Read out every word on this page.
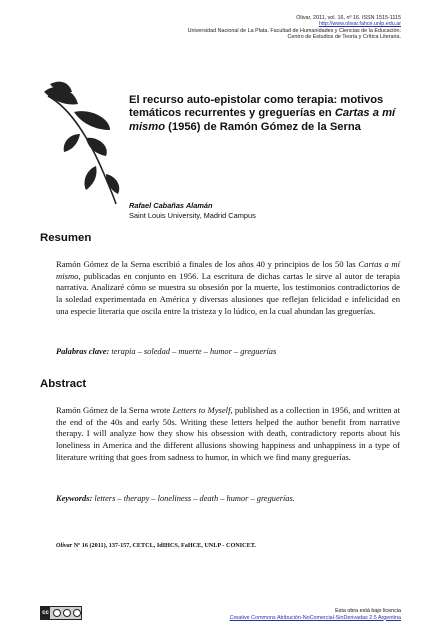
Olivar, 2011, vol. 16, nº 16. ISSN 1515-1115
http://www.olivar.fahce.unlp.edu.ar
Universidad Nacional de La Plata. Facultad de Humanidades y Ciencias de la Educación.
Centro de Estudios de Teoría y Crítica Literaria.
El recurso auto-epistolar como terapia: motivos temáticos recurrentes y greguerías en Cartas a mí mismo (1956) de Ramón Gómez de la Serna
Rafael Cabañas Alamán
Saint Louis University, Madrid Campus
Resumen
Ramón Gómez de la Serna escribió a finales de los años 40 y principios de los 50 las Cartas a mí mismo, publicadas en conjunto en 1956. La escritura de dichas cartas le sirve al autor de terapia narrativa. Analizaré cómo se muestra su obsesión por la muerte, los testimonios contradictorios de la soledad experimentada en América y diversas alusiones que reflejan felicidad e infelicidad en una especie literaria que oscila entre la tristeza y lo lúdico, en la cual abundan las greguerías.
Palabras clave: terapia – soledad – muerte – humor – greguerías
Abstract
Ramón Gómez de la Serna wrote Letters to Myself, published as a collection in 1956, and written at the end of the 40s and early 50s. Writing these letters helped the author benefit from narrative therapy. I will analyze how they show his obsession with death, contradictory reports about his loneliness in America and the different allusions showing happiness and unhappiness in a type of literature writing that goes from sadness to humor, in which we find many greguerías.
Keywords: letters – therapy – loneliness – death – humor – greguerías.
Olivar Nº 16 (2011), 137-157, CETCL, IdIHCS, FaHCE, UNLP - CONICET.
cc	Esta obra está bajo licencia
Creative Commons Atribución-NoComercial-SinDerivadas 2.5 Argentina
